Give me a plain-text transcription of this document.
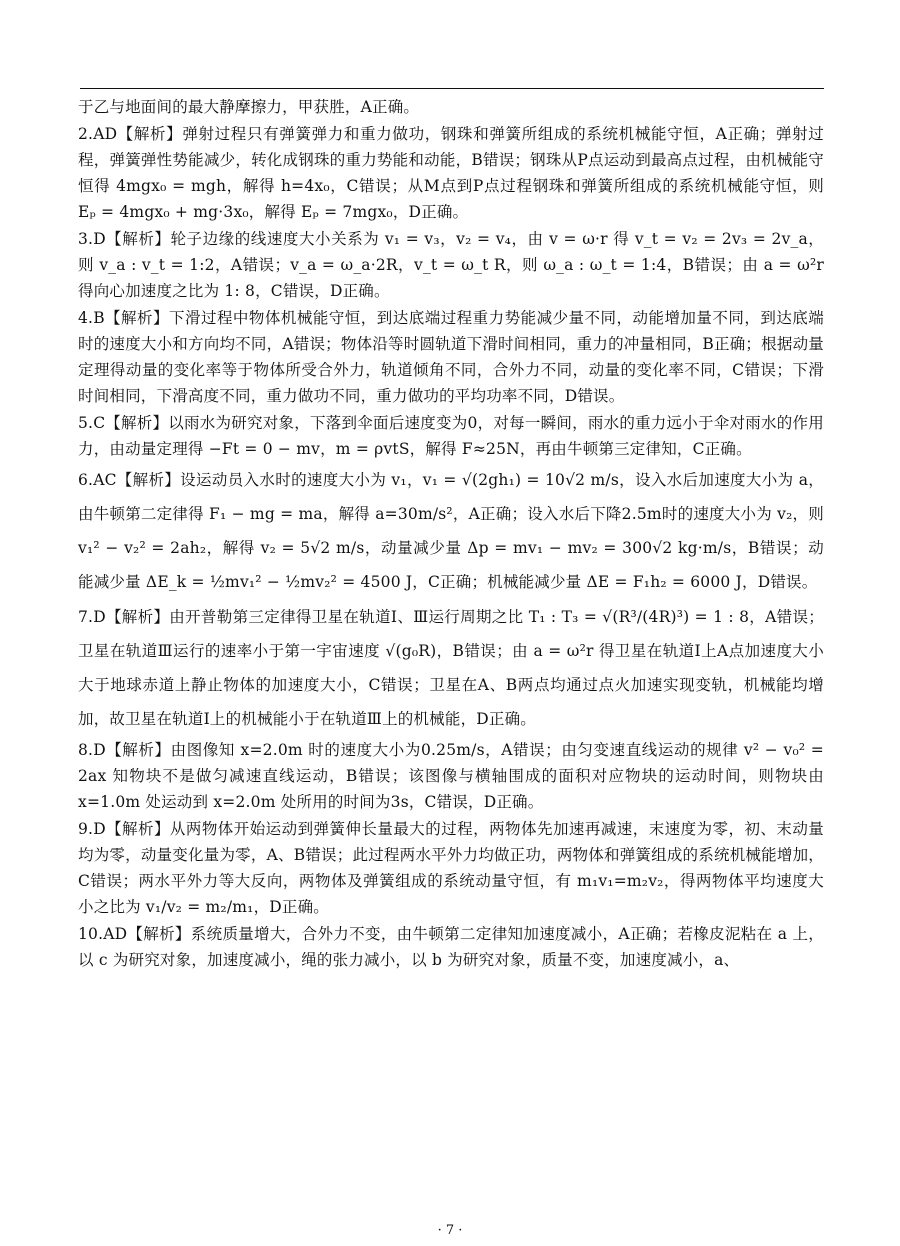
于乙与地面间的最大静摩擦力，甲获胜，A正确。

2.AD【解析】弹射过程只有弹簧弹力和重力做功，钢珠和弹簧所组成的系统机械能守恒，A正确；弹射过程，弹簧弹性势能减少，转化成钢珠的重力势能和动能，B错误；钢珠从P点运动到最高点过程，由机械能守恒得 4mgx₀ = mgh，解得 h=4x₀，C错误；从M点到P点过程钢珠和弹簧所组成的系统机械能守恒，则 Eₚ = 4mgx₀ + mg·3x₀，解得 Eₚ = 7mgx₀，D正确。

3.D【解析】轮子边缘的线速度大小关系为 v₁ = v₃，v₂ = v₄，由 v = ω·r 得 v_t = v₂ = 2v₃ = 2v_a，则 v_a : v_t = 1:2，A错误；v_a = ω_a·2R，v_t = ω_t R，则 ω_a : ω_t = 1:4，B错误；由 a = ω²r 得向心加速度之比为 1: 8，C错误，D正确。

4.B【解析】下滑过程中物体机械能守恒，到达底端过程重力势能减少量不同，动能增加量不同，到达底端时的速度大小和方向均不同，A错误；物体沿等时圆轨道下滑时间相同，重力的冲量相同，B正确；根据动量定理得动量的变化率等于物体所受合外力，轨道倾角不同，合外力不同，动量的变化率不同，C错误；下滑时间相同，下滑高度不同，重力做功不同，重力做功的平均功率不同，D错误。

5.C【解析】以雨水为研究对象，下落到伞面后速度变为0，对每一瞬间，雨水的重力远小于伞对雨水的作用力，由动量定理得 −Ft = 0 − mv，m = ρvtS，解得 F≈25N，再由牛顿第三定律知，C正确。

6.AC【解析】设运动员入水时的速度大小为 v₁，v₁ = √(2gh₁) = 10√2 m/s，设入水后加速度大小为 a，由牛顿第二定律得 F₁ − mg = ma，解得 a=30m/s²，A正确；设入水后下降2.5m时的速度大小为 v₂，则 v₁² − v₂² = 2ah₂，解得 v₂ = 5√2 m/s，动量减少量 Δp = mv₁ − mv₂ = 300√2 kg·m/s，B错误；动能减少量 ΔE_k = ½mv₁² − ½mv₂² = 4500 J，C正确；机械能减少量 ΔE = F₁h₂ = 6000 J，D错误。

7.D【解析】由开普勒第三定律得卫星在轨道Ⅰ、Ⅲ运行周期之比 T₁ : T₃ = √(R³/(4R)³) = 1 : 8，A错误；卫星在轨道Ⅲ运行的速率小于第一宇宙速度 √(g₀R)，B错误；由 a = ω²r 得卫星在轨道Ⅰ上A点加速度大小大于地球赤道上静止物体的加速度大小，C错误；卫星在A、B两点均通过点火加速实现变轨，机械能均增加，故卫星在轨道Ⅰ上的机械能小于在轨道Ⅲ上的机械能，D正确。

8.D【解析】由图像知 x=2.0m 时的速度大小为0.25m/s，A错误；由匀变速直线运动的规律 v² − v₀² = 2ax 知物块不是做匀减速直线运动，B错误；该图像与横轴围成的面积对应物块的运动时间，则物块由 x=1.0m 处运动到 x=2.0m 处所用的时间为3s，C错误，D正确。

9.D【解析】从两物体开始运动到弹簧伸长量最大的过程，两物体先加速再减速，末速度为零，初、末动量均为零，动量变化量为零，A、B错误；此过程两水平外力均做正功，两物体和弹簧组成的系统机械能增加，C错误；两水平外力等大反向，两物体及弹簧组成的系统动量守恒，有 m₁v₁=m₂v₂，得两物体平均速度大小之比为 v₁/v₂ = m₂/m₁，D正确。

10.AD【解析】系统质量增大，合外力不变，由牛顿第二定律知加速度减小，A正确；若橡皮泥粘在 a 上，以 c 为研究对象，加速度减小，绳的张力减小，以 b 为研究对象，质量不变，加速度减小，a、

· 7 ·
